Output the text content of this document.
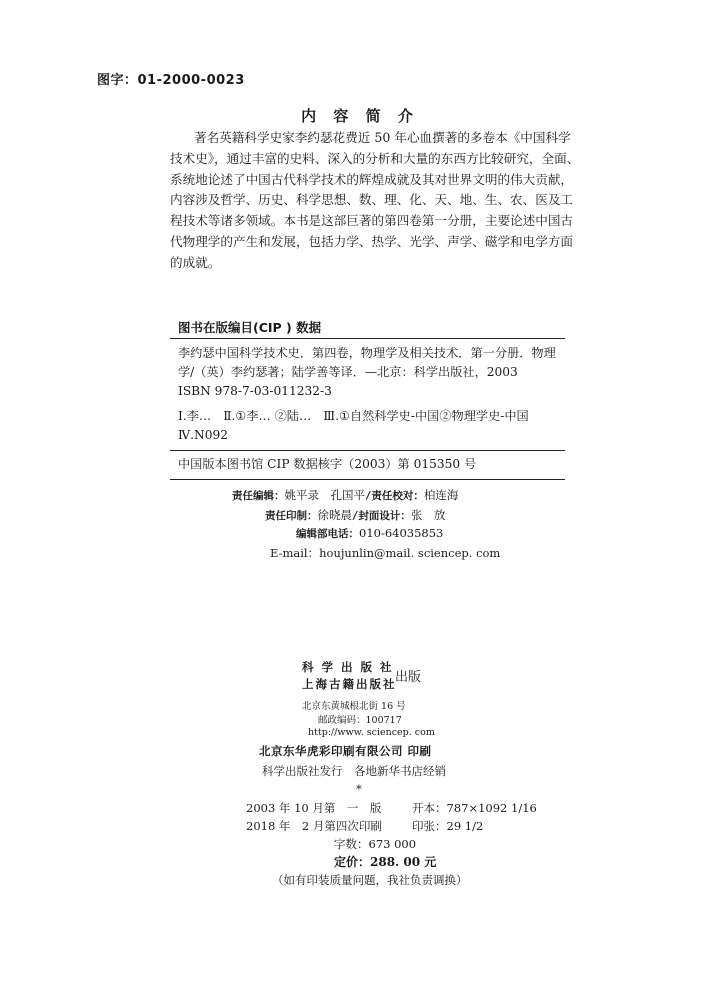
图字：01-2000-0023
内 容 简 介
著名英籍科学史家李约瑟花费近 50 年心血撰著的多卷本《中国科学
技术史》，通过丰富的史料、深入的分析和大量的东西方比较研究，全面、
系统地论述了中国古代科学技术的辉煌成就及其对世界文明的伟大贡献，
内容涉及哲学、历史、科学思想、数、理、化、天、地、生、农、医及工
程技术等诸多领域。本书是这部巨著的第四卷第一分册，主要论述中国古
代物理学的产生和发展，包括力学、热学、光学、声学、磁学和电学方面
的成就。
图书在版编目(CIP ) 数据
李约瑟中国科学技术史．第四卷，物理学及相关技术．第一分册．物理
学/（英）李约瑟著；陆学善等译．—北京：科学出版社，2003
ISBN 978-7-03-011232-3
Ⅰ.李…　Ⅱ.①李… ②陆…　Ⅲ.①自然科学史-中国②物理学史-中国
Ⅳ.N092
中国版本图书馆 CIP 数据核字（2003）第 015350 号
责任编辑：姚平录　孔国平/责任校对：柏连海
责任印制：徐晓晨/封面设计：张　放
编辑部电话：010-64035853
E-mail：houjunlin@mail. sciencep. com
科 学 出 版 社
上海古籍出版社
出版
北京东黄城根北街 16 号
邮政编码：100717
http://www. sciencep. com
北京东华虎彩印刷有限公司 印刷
科学出版社发行　各地新华书店经销
*
2003 年 10 月第　一　版	开本：787×1092 1/16
2018 年　2 月第四次印刷	印张：29 1/2
字数：673 000
定价：288. 00 元
（如有印装质量问题，我社负责调换）
